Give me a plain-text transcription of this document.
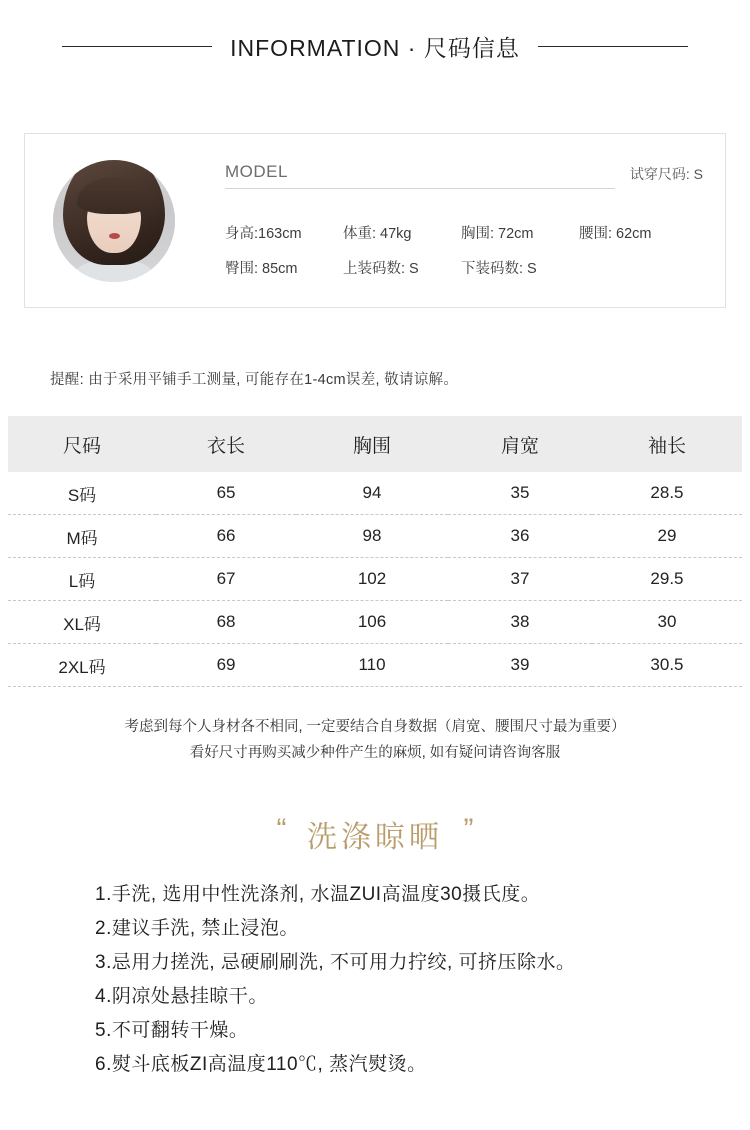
INFORMATION · 尺码信息
MODEL	试穿尺码: S
身高:163cm	体重: 47kg	胸围: 72cm	腰围: 62cm
臀围: 85cm	上装码数: S	下装码数: S
提醒: 由于采用平铺手工测量, 可能存在1-4cm误差, 敬请谅解。
尺码	衣长	胸围	肩宽	袖长
S码	65	94	35	28.5
M码	66	98	36	29
L码	67	102	37	29.5
XL码	68	106	38	30
2XL码	69	110	39	30.5
考虑到每个人身材各不相同, 一定要结合自身数据（肩宽、腰围尺寸最为重要）
看好尺寸再购买减少种件产生的麻烦, 如有疑问请咨询客服
“ 洗涤晾晒 ”
1.手洗, 选用中性洗涤剂, 水温ZUI高温度30摄氏度。
2.建议手洗, 禁止浸泡。
3.忌用力搓洗, 忌硬刷刷洗, 不可用力拧绞, 可挤压除水。
4.阴凉处悬挂晾干。
5.不可翻转干燥。
6.熨斗底板ZI高温度110℃, 蒸汽熨烫。
